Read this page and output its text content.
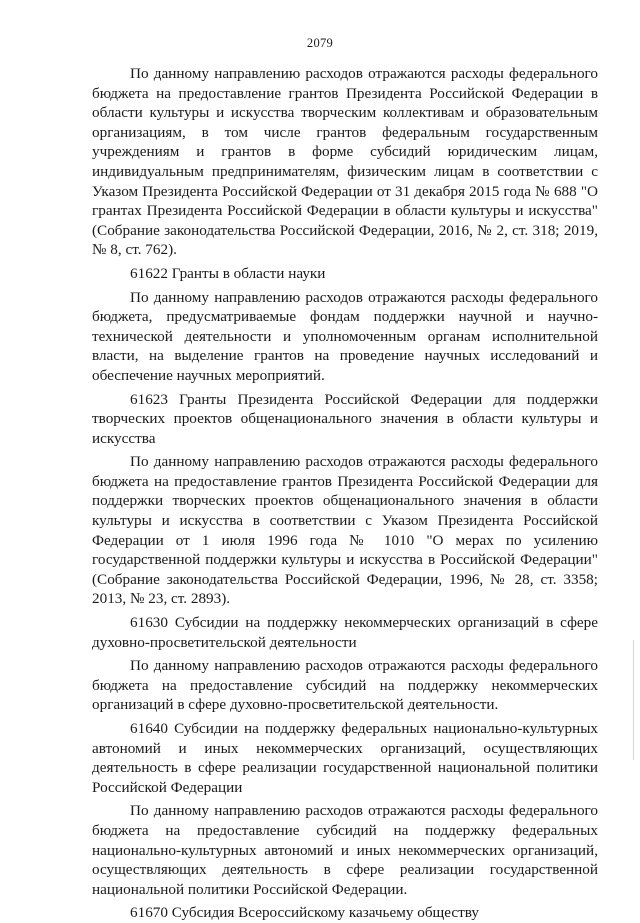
2079

По данному направлению расходов отражаются расходы федерального бюджета на предоставление грантов Президента Российской Федерации в области культуры и искусства творческим коллективам и образовательным организациям, в том числе грантов федеральным государственным учреждениям и грантов в форме субсидий юридическим лицам, индивидуальным предпринимателям, физическим лицам в соответствии с Указом Президента Российской Федерации от 31 декабря 2015 года № 688 "О грантах Президента Российской Федерации в области культуры и искусства" (Собрание законодательства Российской Федерации, 2016, № 2, ст. 318; 2019, № 8, ст. 762).

61622 Гранты в области науки

По данному направлению расходов отражаются расходы федерального бюджета, предусматриваемые фондам поддержки научной и научно-технической деятельности и уполномоченным органам исполнительной власти, на выделение грантов на проведение научных исследований и обеспечение научных мероприятий.

61623 Гранты Президента Российской Федерации для поддержки творческих проектов общенационального значения в области культуры и искусства

По данному направлению расходов отражаются расходы федерального бюджета на предоставление грантов Президента Российской Федерации для поддержки творческих проектов общенационального значения в области культуры и искусства в соответствии с Указом Президента Российской Федерации от 1 июля 1996 года № 1010 "О мерах по усилению государственной поддержки культуры и искусства в Российской Федерации" (Собрание законодательства Российской Федерации, 1996, № 28, ст. 3358; 2013, № 23, ст. 2893).

61630 Субсидии на поддержку некоммерческих организаций в сфере духовно-просветительской деятельности

По данному направлению расходов отражаются расходы федерального бюджета на предоставление субсидий на поддержку некоммерческих организаций в сфере духовно-просветительской деятельности.

61640 Субсидии на поддержку федеральных национально-культурных автономий и иных некоммерческих организаций, осуществляющих деятельность в сфере реализации государственной национальной политики Российской Федерации

По данному направлению расходов отражаются расходы федерального бюджета на предоставление субсидий на поддержку федеральных национально-культурных автономий и иных некоммерческих организаций, осуществляющих деятельность в сфере реализации государственной национальной политики Российской Федерации.

61670 Субсидия Всероссийскому казачьему обществу
